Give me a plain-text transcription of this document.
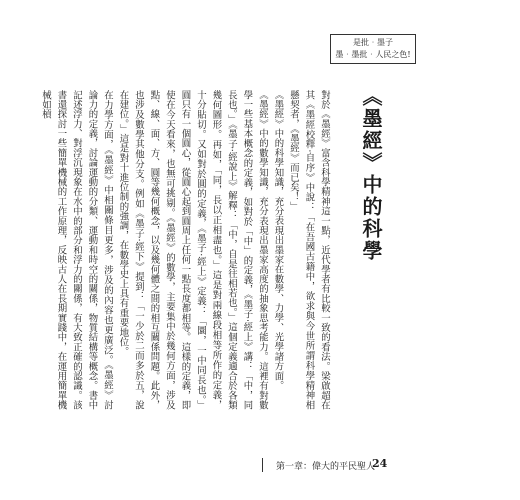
是批‧墨子
墨‧墨批‧人民之色!
《墨經》中的科學

對於《墨經》富含科學精神這一點，近代學者有比較一致的看法。梁啟超在其《墨經校釋‧自序》中說：「在吾國古籍中，欲求與今世所謂科學精神相懸契者，《墨經》而已矣！」

《墨經》中的科學知識，充分表現出墨家在數學、力學、光學諸方面。

《墨經》中的數學知識，充分表現出墨家高度的抽象思考能力。這裡有對數學一些基本概念的定義，如對於「中」的定義，《墨子‧經上》講：「中，同長也。」《墨子‧經說上》解釋：「中，自是往相若也。」這個定義適合於各類幾何圖形。再如，「同，長以正相盡也。」這是對兩線段相等所作的定義，十分貼切。又如對於圓的定義，《墨子‧經上》定義：「圜，一中同長也。」圓只有一個圓心，從圓心起到圓周上任何一點長度都相等。這樣的定義，即使在今天看來，也無可挑剔。《墨經》的數學，主要集中於幾何方面，涉及點、線、面、方、圓等幾何概念，以及幾何體之間的相互關係問題。此外，也涉及數學其他分支。例如《墨子‧經下》提到：「一少於二而多於五，說在建位。」這是對十進位制的強調，在數學史上具有重要地位。

在力學方面，《墨經》中相關條目更多，涉及的內容也更廣泛。《墨經》討論力的定義，討論運動的分類、運動和時空的關係，物質結構等概念。書中記述浮力、對浮沉現象在水中的部分和浮力的關係，有大致正確的認識。該書還探討一些簡單機械的工作原理，反映古人在長期實踐中，在運用簡單機械如槓

第一章：偉大的平民聖人
24
